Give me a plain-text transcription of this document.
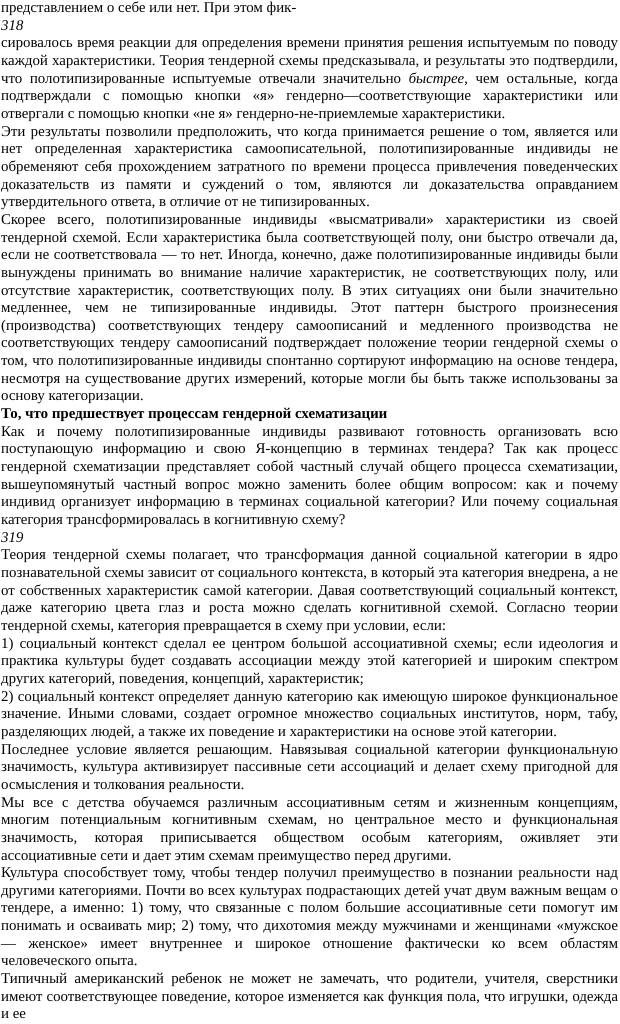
представлением о себе или нет. При этом фик-

318

сировалось время реакции для определения времени принятия решения испытуемым по поводу каждой характеристики. Теория тендерной схемы предсказывала, и результаты это подтвердили, что полотипизированные испытуемые отвечали значительно быстрее, чем остальные, когда подтверждали с помощью кнопки «я» гендерно—соответствующие характеристики или отвергали с помощью кнопки «не я» гендерно-не-приемлемые характеристики.

Эти результаты позволили предположить, что когда принимается решение о том, является или нет определенная характеристика самоописательной, полотипизированные индивиды не обременяют себя прохождением затратного по времени процесса привлечения поведенческих доказательств из памяти и суждений о том, являются ли доказательства оправданием утвердительного ответа, в отличие от не типизированных.

Скорее всего, полотипизированные индивиды «высматривали» характеристики из своей тендерной схемой. Если характеристика была соответствующей полу, они быстро отвечали да, если не соответствовала — то нет. Иногда, конечно, даже полотипизированные индивиды были вынуждены принимать во внимание наличие характеристик, не соответствующих полу, или отсутствие характеристик, соответствующих полу. В этих ситуациях они были значительно медленнее, чем не типизированные индивиды. Этот паттерн быстрого произнесения (производства) соответствующих тендеру самоописаний и медленного производства не соответствующих тендеру самоописаний подтверждает положение теории гендерной схемы о том, что полотипизированные индивиды спонтанно сортируют информацию на основе тендера, несмотря на существование других измерений, которые могли бы быть также использованы за основу категоризации.

То, что предшествует процессам гендерной схематизации

Как и почему полотипизированные индивиды развивают готовность организовать всю поступающую информацию и свою Я-концепцию в терминах тендера? Так как процесс гендерной схематизации представляет собой частный случай общего процесса схематизации, вышеупомянутый частный вопрос можно заменить более общим вопросом: как и почему индивид организует информацию в терминах социальной категории? Или почему социальная категория трансформировалась в когнитивную схему?

319

Теория тендерной схемы полагает, что трансформация данной социальной категории в ядро познавательной схемы зависит от социального контекста, в который эта категория внедрена, а не от собственных характеристик самой категории. Давая соответствующий социальный контекст, даже категорию цвета глаз и роста можно сделать когнитивной схемой. Согласно теории тендерной схемы, категория превращается в схему при условии, если:

1) социальный контекст сделал ее центром большой ассоциативной схемы; если идеология и практика культуры будет создавать ассоциации между этой категорией и широким спектром других категорий, поведения, концепций, характеристик;

2) социальный контекст определяет данную категорию как имеющую широкое функциональное значение. Иными словами, создает огромное множество социальных институтов, норм, табу, разделяющих людей, а также их поведение и характеристики на основе этой категории.

Последнее условие является решающим. Навязывая социальной категории функциональную значимость, культура активизирует пассивные сети ассоциаций и делает схему пригодной для осмысления и толкования реальности.

Мы все с детства обучаемся различным ассоциативным сетям и жизненным концепциям, многим потенциальным когнитивным схемам, но центральное место и функциональная значимость, которая приписывается обществом особым категориям, оживляет эти ассоциативные сети и дает этим схемам преимущество перед другими.

Культура способствует тому, чтобы тендер получил преимущество в познании реальности над другими категориями. Почти во всех культурах подрастающих детей учат двум важным вещам о тендере, а именно: 1) тому, что связанные с полом большие ассоциативные сети помогут им понимать и осваивать мир; 2) тому, что дихотомия между мужчинами и женщинами «мужское — женское» имеет внутреннее и широкое отношение фактически ко всем областям человеческого опыта.

Типичный американский ребенок не может не замечать, что родители, учителя, сверстники имеют соответствующее поведение, которое изменяется как функция пола, что игрушки, одежда и ее
